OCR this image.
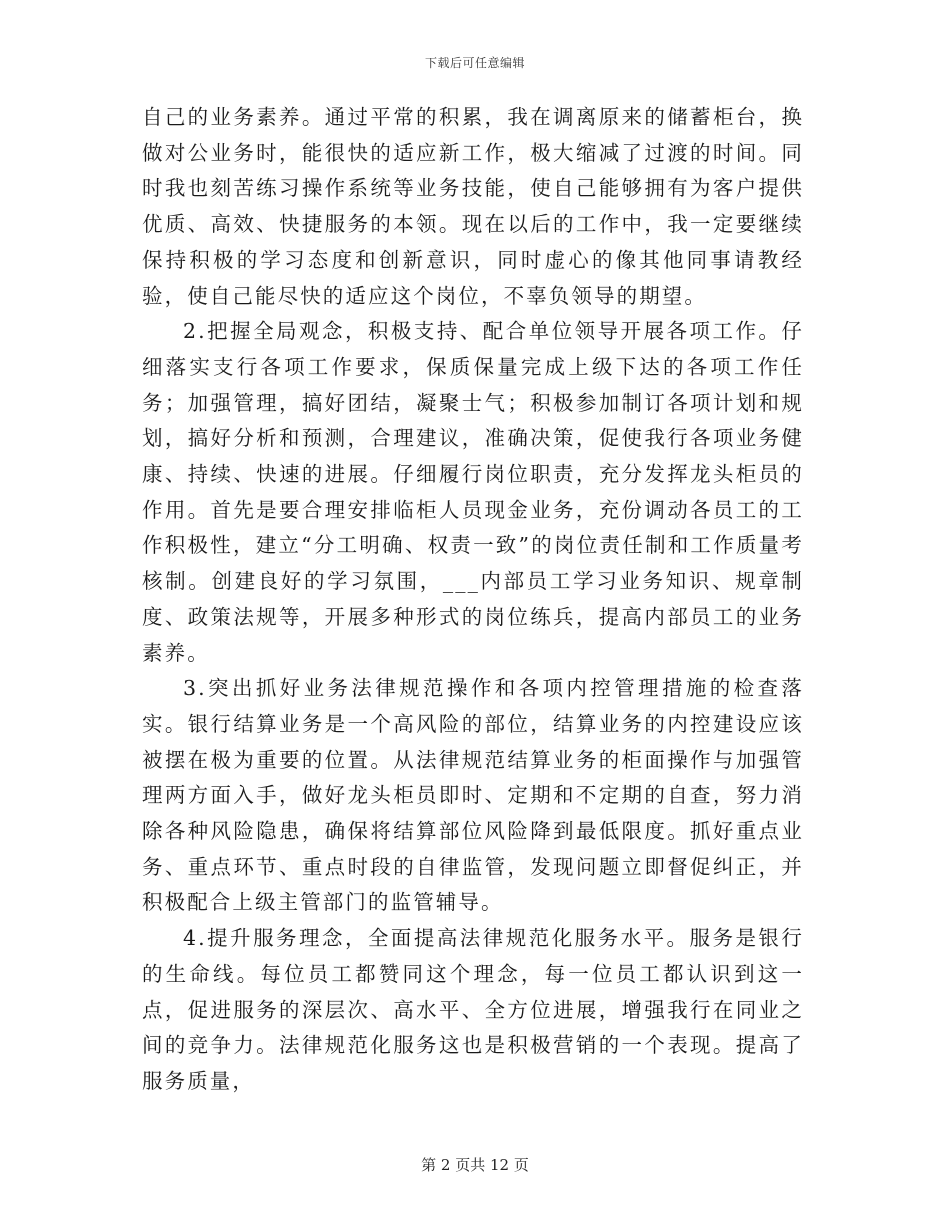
下载后可任意编辑

自己的业务素养。通过平常的积累，我在调离原来的储蓄柜台，换做对公业务时，能很快的适应新工作，极大缩减了过渡的时间。同时我也刻苦练习操作系统等业务技能，使自己能够拥有为客户提供优质、高效、快捷服务的本领。现在以后的工作中，我一定要继续保持积极的学习态度和创新意识，同时虚心的像其他同事请教经验，使自己能尽快的适应这个岗位，不辜负领导的期望。

2.把握全局观念，积极支持、配合单位领导开展各项工作。仔细落实支行各项工作要求，保质保量完成上级下达的各项工作任务；加强管理，搞好团结，凝聚士气；积极参加制订各项计划和规划，搞好分析和预测，合理建议，准确决策，促使我行各项业务健康、持续、快速的进展。仔细履行岗位职责，充分发挥龙头柜员的作用。首先是要合理安排临柜人员现金业务，充份调动各员工的工作积极性，建立“分工明确、权责一致”的岗位责任制和工作质量考核制。创建良好的学习氛围，___内部员工学习业务知识、规章制度、政策法规等，开展多种形式的岗位练兵，提高内部员工的业务素养。

3.突出抓好业务法律规范操作和各项内控管理措施的检查落实。银行结算业务是一个高风险的部位，结算业务的内控建设应该被摆在极为重要的位置。从法律规范结算业务的柜面操作与加强管理两方面入手，做好龙头柜员即时、定期和不定期的自查，努力消除各种风险隐患，确保将结算部位风险降到最低限度。抓好重点业务、重点环节、重点时段的自律监管，发现问题立即督促纠正，并积极配合上级主管部门的监管辅导。

4.提升服务理念，全面提高法律规范化服务水平。服务是银行的生命线。每位员工都赞同这个理念，每一位员工都认识到这一点，促进服务的深层次、高水平、全方位进展，增强我行在同业之间的竞争力。法律规范化服务这也是积极营销的一个表现。提高了服务质量，

第 2 页共 12 页
